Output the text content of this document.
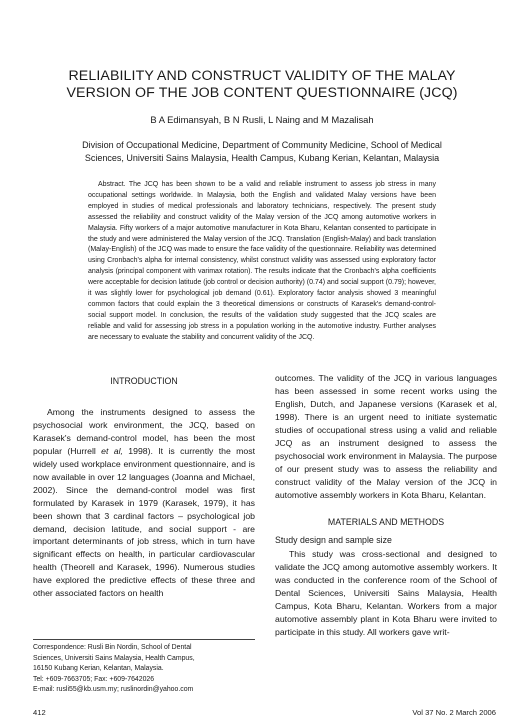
RELIABILITY AND CONSTRUCT VALIDITY OF THE MALAY
VERSION OF THE JOB CONTENT QUESTIONNAIRE (JCQ)
B A Edimansyah, B N Rusli, L Naing and M Mazalisah
Division of Occupational Medicine, Department of Community Medicine, School of Medical
Sciences, Universiti Sains Malaysia, Health Campus, Kubang Kerian, Kelantan, Malaysia
Abstract. The JCQ has been shown to be a valid and reliable instrument to assess job stress in many occupational settings worldwide. In Malaysia, both the English and validated Malay versions have been employed in studies of medical professionals and laboratory technicians, respectively. The present study assessed the reliability and construct validity of the Malay version of the JCQ among automotive workers in Malaysia. Fifty workers of a major automotive manufacturer in Kota Bharu, Kelantan consented to participate in the study and were administered the Malay version of the JCQ. Translation (English-Malay) and back translation (Malay-English) of the JCQ was made to ensure the face validity of the questionnaire. Reliability was determined using Cronbach's alpha for internal consistency, whilst construct validity was assessed using exploratory factor analysis (principal component with varimax rotation). The results indicate that the Cronbach's alpha coefficients were acceptable for decision latitude (job control or decision authority) (0.74) and social support (0.79); however, it was slightly lower for psychological job demand (0.61). Exploratory factor analysis showed 3 meaningful common factors that could explain the 3 theoretical dimensions or constructs of Karasek's demand-control-social support model. In conclusion, the results of the validation study suggested that the JCQ scales are reliable and valid for assessing job stress in a population working in the automotive industry. Further analyses are necessary to evaluate the stability and concurrent validity of the JCQ.
INTRODUCTION

Among the instruments designed to assess the psychosocial work environment, the JCQ, based on Karasek's demand-control model, has been the most popular (Hurrell et al, 1998). It is currently the most widely used workplace environment questionnaire, and is now available in over 12 languages (Joanna and Michael, 2002). Since the demand-control model was first formulated by Karasek in 1979 (Karasek, 1979), it has been shown that 3 cardinal factors – psychological job demand, decision latitude, and social support - are important determinants of job stress, which in turn have significant effects on health, in particular cardiovascular health (Theorell and Karasek, 1996). Numerous studies have explored the predictive effects of these three and other associated factors on health

outcomes. The validity of the JCQ in various languages has been assessed in some recent works using the English, Dutch, and Japanese versions (Karasek et al, 1998). There is an urgent need to initiate systematic studies of occupational stress using a valid and reliable JCQ as an instrument designed to assess the psychosocial work environment in Malaysia. The purpose of our present study was to assess the reliability and construct validity of the Malay version of the JCQ in automotive assembly workers in Kota Bharu, Kelantan.

MATERIALS AND METHODS
Study design and sample size

This study was cross-sectional and designed to validate the JCQ among automotive assembly workers. It was conducted in the conference room of the School of Dental Sciences, Universiti Sains Malaysia, Health Campus, Kota Bharu, Kelantan. Workers from a major automotive assembly plant in Kota Bharu were invited to participate in this study. All workers gave writ-

Correspondence: Rusli Bin Nordin, School of Dental
Sciences, Universiti Sains Malaysia, Health Campus,
16150 Kubang Kerian, Kelantan, Malaysia.
Tel: +609-7663705; Fax: +609-7642026
E-mail: rusli55@kb.usm.my; ruslinordin@yahoo.com
412	Vol 37 No. 2 March 2006
